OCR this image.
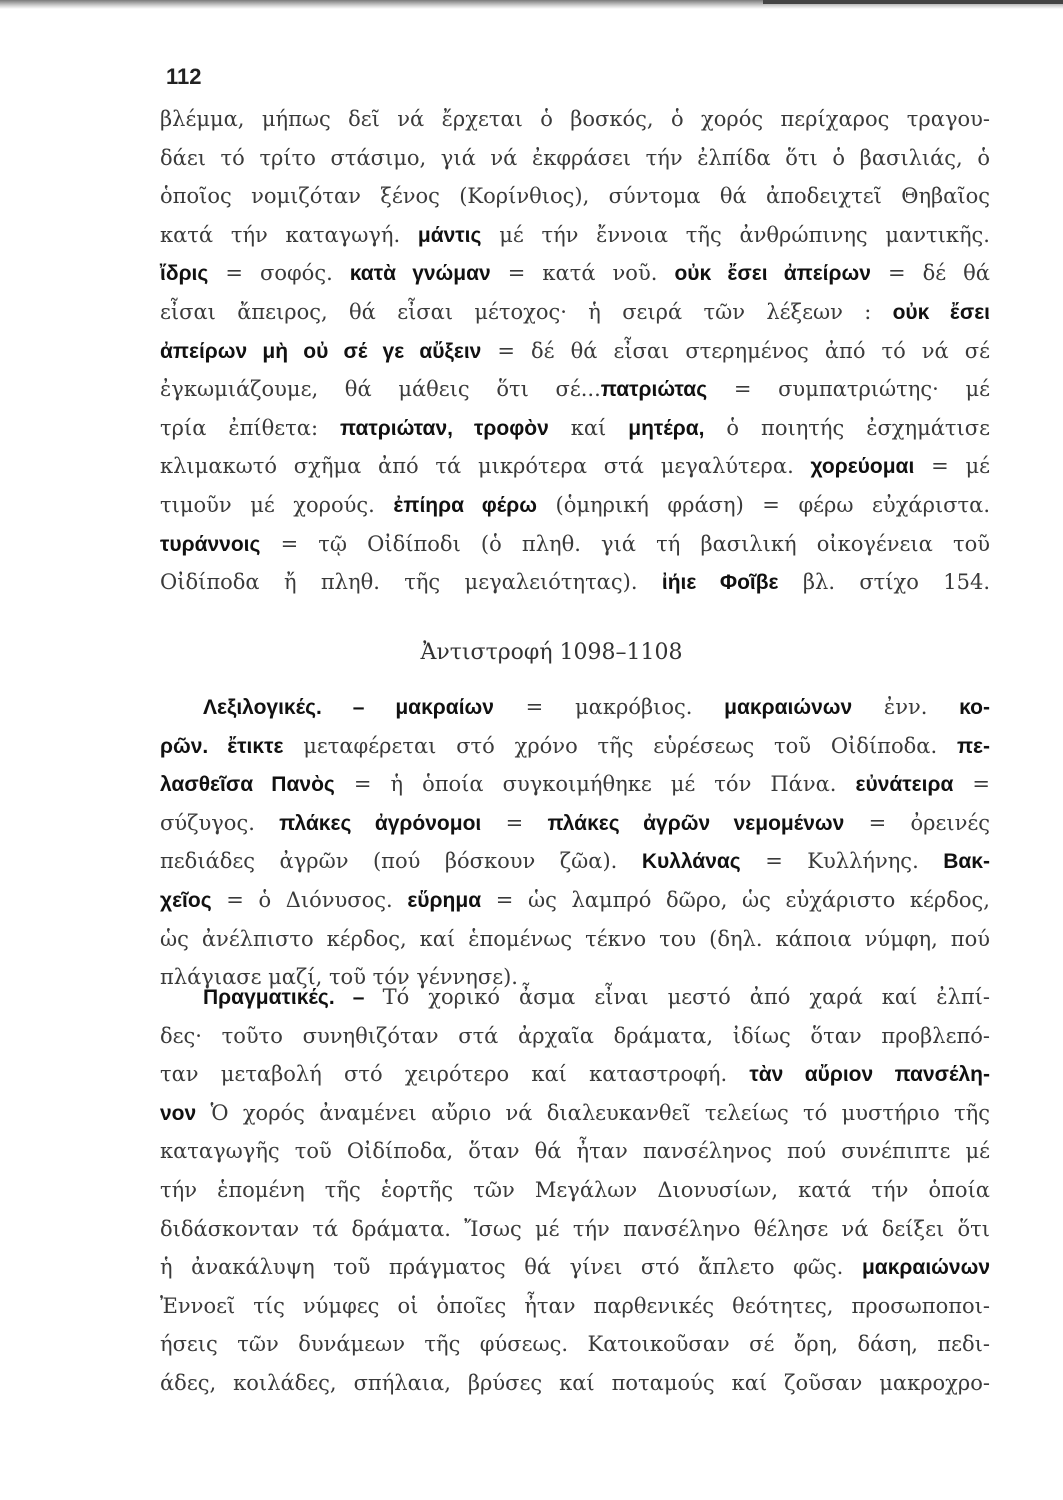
112
βλέμμα, μήπως δεῖ νά ἔρχεται ὁ βοσκός, ὁ χορός περίχαρος τραγου-
δάει τό τρίτο στάσιμο, γιά νά ἐκφράσει τήν ἐλπίδα ὅτι ὁ βασιλιάς, ὁ
ὁποῖος νομιζόταν ξένος (Κορίνθιος), σύντομα θά ἀποδειχτεῖ Θηβαῖος
κατά τήν καταγωγή. μάντις μέ τήν ἔννοια τῆς ἀνθρώπινης μαντικῆς.
ἴδρις = σοφός. κατὰ γνώμαν = κατά νοῦ. οὐκ ἔσει ἀπείρων = δέ θά
εἶσαι ἄπειρος, θά εἶσαι μέτοχος· ἡ σειρά τῶν λέξεων : οὐκ ἔσει
ἀπείρων μὴ οὐ σέ γε αὔξειν = δέ θά εἶσαι στερημένος ἀπό τό νά σέ
ἐγκωμιάζουμε, θά μάθεις ὅτι σέ...πατριώτας = συμπατριώτης· μέ
τρία ἐπίθετα: πατριώταν, τροφὸν καί μητέρα, ὁ ποιητής ἐσχημάτισε
κλιμακωτό σχῆμα ἀπό τά μικρότερα στά μεγαλύτερα. χορεύομαι = μέ
τιμοῦν μέ χορούς. ἐπίηρα φέρω (ὁμηρική φράση) = φέρω εὐχάριστα.
τυράννοις = τῷ Οἰδίποδι (ὁ πληθ. γιά τή βασιλική οἰκογένεια τοῦ
Οἰδίποδα ἤ πληθ. τῆς μεγαλειότητας). ἰήιε Φοῖβε βλ. στίχο 154.
Ἀντιστροφή 1098–1108
Λεξιλογικές. – μακραίων = μακρόβιος. μακραιώνων ἐνν. κο-
ρῶν. ἔτικτε μεταφέρεται στό χρόνο τῆς εὑρέσεως τοῦ Οἰδίποδα. πε-
λασθεῖσα Πανὸς = ἡ ὁποία συγκοιμήθηκε μέ τόν Πάνα. εὐνάτειρα =
σύζυγος. πλάκες ἀγρόνομοι = πλάκες ἀγρῶν νεμομένων = ὀρεινές
πεδιάδες ἀγρῶν (πού βόσκουν ζῶα). Κυλλάνας = Κυλλήνης. Βακ-
χεῖος = ὁ Διόνυσος. εὕρημα = ὡς λαμπρό δῶρο, ὡς εὐχάριστο κέρδος,
ὡς ἀνέλπιστο κέρδος, καί ἑπομένως τέκνο του (δηλ. κάποια νύμφη, πού
πλάγιασε μαζί, τοῦ τόν γέννησε).
Πραγματικές. – Τό χορικό ἆσμα εἶναι μεστό ἀπό χαρά καί ἐλπί-
δες· τοῦτο συνηθιζόταν στά ἀρχαῖα δράματα, ἰδίως ὅταν προβλεπό-
ταν μεταβολή στό χειρότερο καί καταστροφή. τὰν αὔριον πανσέλη-
νον Ὁ χορός ἀναμένει αὔριο νά διαλευκανθεῖ τελείως τό μυστήριο τῆς
καταγωγῆς τοῦ Οἰδίποδα, ὅταν θά ἦταν πανσέληνος πού συνέπιπτε μέ
τήν ἑπομένη τῆς ἑορτῆς τῶν Μεγάλων Διονυσίων, κατά τήν ὁποία
διδάσκονταν τά δράματα. Ἴσως μέ τήν πανσέληνο θέλησε νά δείξει ὅτι
ἡ ἀνακάλυψη τοῦ πράγματος θά γίνει στό ἄπλετο φῶς. μακραιώνων
Ἐννοεῖ τίς νύμφες οἱ ὁποῖες ἦταν παρθενικές θεότητες, προσωποποι-
ήσεις τῶν δυνάμεων τῆς φύσεως. Κατοικοῦσαν σέ ὄρη, δάση, πεδι-
άδες, κοιλάδες, σπήλαια, βρύσες καί ποταμούς καί ζοῦσαν μακροχρο-
